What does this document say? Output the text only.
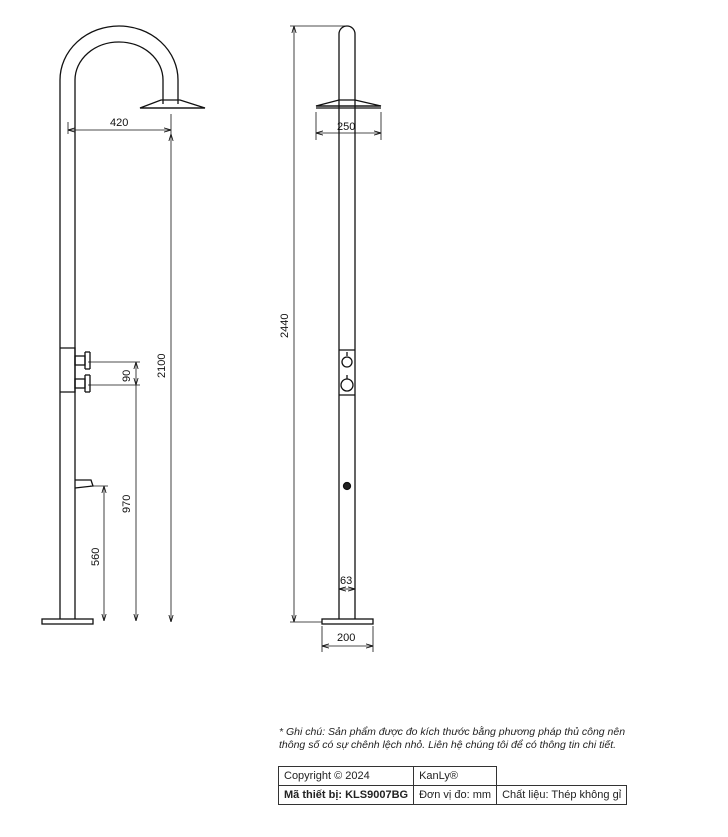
420
2100
90
970
560
250
2440
63
200
* Ghi chú: Sản phẩm được đo kích thước bằng phương pháp thủ công nên
thông số có sự chênh lệch nhỏ. Liên hệ chúng tôi để có thông tin chi tiết.
Copyright © 2024	KanLy®	
Mã thiết bị: KLS9007BG	Đơn vị đo: mm	Chất liệu: Thép không gỉ
